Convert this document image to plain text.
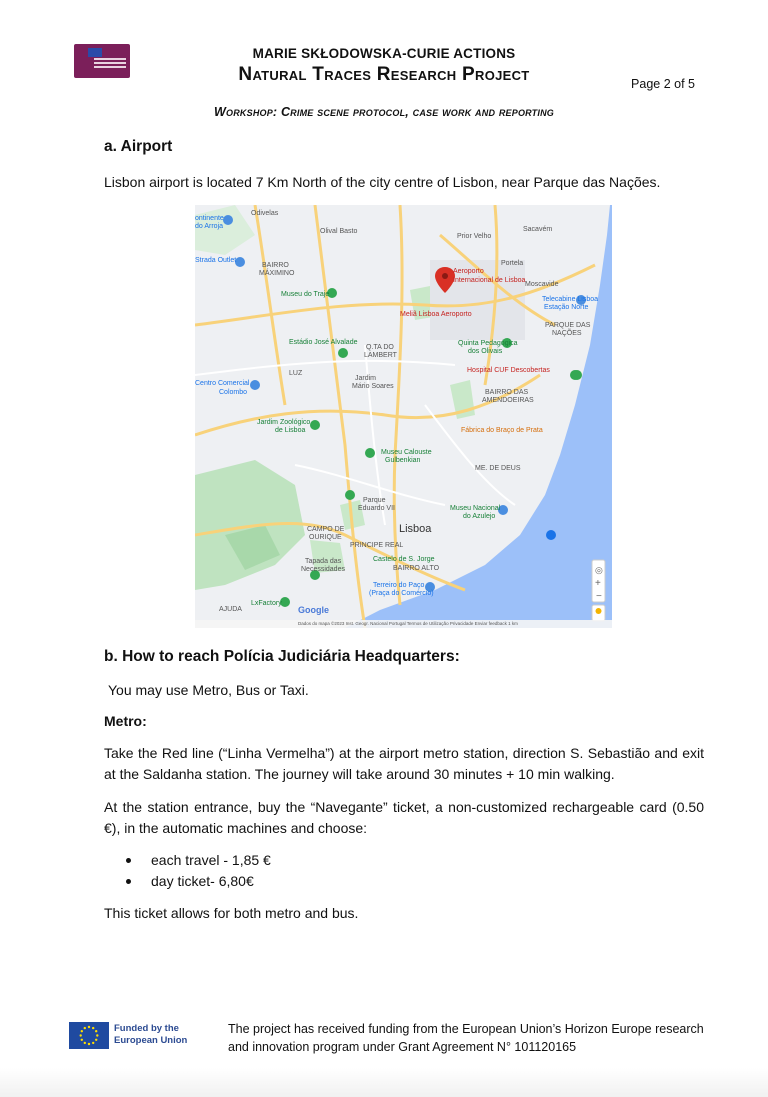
MARIE SKŁODOWSKA-CURIE ACTIONS
Natural Traces Research Project	Page 2 of 5
Workshop: Crime scene protocol, case work and reporting
a. Airport
Lisbon airport is located 7 Km North of the city centre of Lisbon, near Parque das Nações.
Odivelas
Olival Basto
Prior Velho
Sacavém
Portela
Moscavide
Aeroporto
Internacional de Lisboa
Meliã Lisboa Aeroporto
Telecabine Lisboa
Estação Norte
PARQUE DAS
NAÇÕES
Museu do Traje
Estádio José Alvalade
Q.TA DO
LAMBERT
Quinta Pedagógica
dos Olivais
Hospital CUF Descobertas
LUZ
Jardim
Mário Soares
Centro Comercial
Colombo	BAIRRO DAS
AMENDOEIRAS
Jardim Zoológico
de Lisboa	Fábrica do Braço de Prata
Museu Calouste
Gulbenkian
ME. DE DEUS
Museu Nacional
do Azulejo
Parque
Eduardo VII
CAMPO DE
OURIQUE
PRINCIPE REAL
Castelo de S. Jorge
BAIRRO ALTO
Tapada das
Necessidades
Terreiro do Paço
(Praça do Comércio)
LxFactory
AJUDA
Strada Outlet
BAIRRO
MÁXIMINO
ontinente
do Arroja
Lisboa
◎
+
−
Google
Dados do mapa ©2023 Inst. Geogr. Nacional Portugal Termos de Utilização Privacidade Enviar feedback 1 km
b. How to reach Polícia Judiciária Headquarters:
You may use Metro, Bus or Taxi.
Metro:
Take the Red line (“Linha Vermelha”) at the airport metro station, direction S. Sebastião and exit at the Saldanha station. The journey will take around 30 minutes + 10 min walking.
At the station entrance, buy the “Navegante” ticket, a non-customized rechargeable card (0.50 €), in the automatic machines and choose:
each travel - 1,85 €
day ticket- 6,80€
This ticket allows for both metro and bus.
Funded by the European Union
The project has received funding from the European Union’s Horizon Europe research and innovation program under Grant Agreement N° 101120165
